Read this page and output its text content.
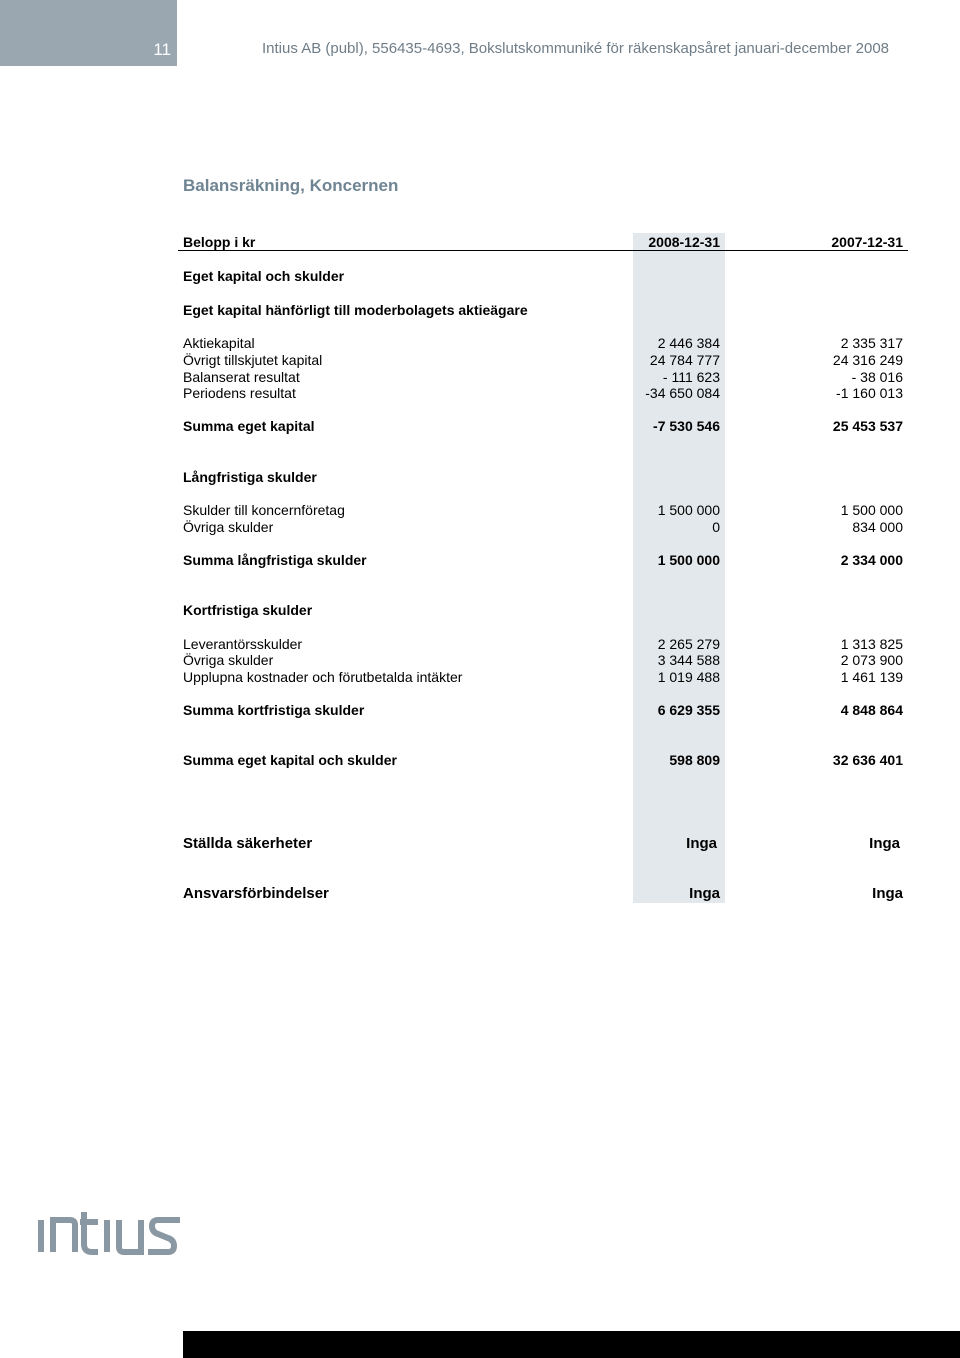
11	Intius AB (publ), 556435-4693, Bokslutskommuniké för räkenskapsåret januari-december 2008
Balansräkning, Koncernen
Belopp i kr	2008-12-31	2007-12-31
Eget kapital och skulder
Eget kapital hänförligt till moderbolagets aktieägare
Aktiekapital	2 446 384	2 335 317
Övrigt tillskjutet kapital	24 784 777	24 316 249
Balanserat resultat	- 111 623	- 38 016
Periodens resultat	-34 650 084	-1 160 013
Summa eget kapital	-7 530 546	25 453 537
Långfristiga skulder
Skulder till koncernföretag	1 500 000	1 500 000
Övriga skulder	0	834 000
Summa långfristiga skulder	1 500 000	2 334 000
Kortfristiga skulder
Leverantörsskulder	2 265 279	1 313 825
Övriga skulder	3 344 588	2 073 900
Upplupna kostnader och förutbetalda intäkter	1 019 488	1 461 139
Summa kortfristiga skulder	6 629 355	4 848 864
Summa eget kapital och skulder	598 809	32 636 401
Ställda säkerheter	Inga	Inga
Ansvarsförbindelser	Inga	Inga
